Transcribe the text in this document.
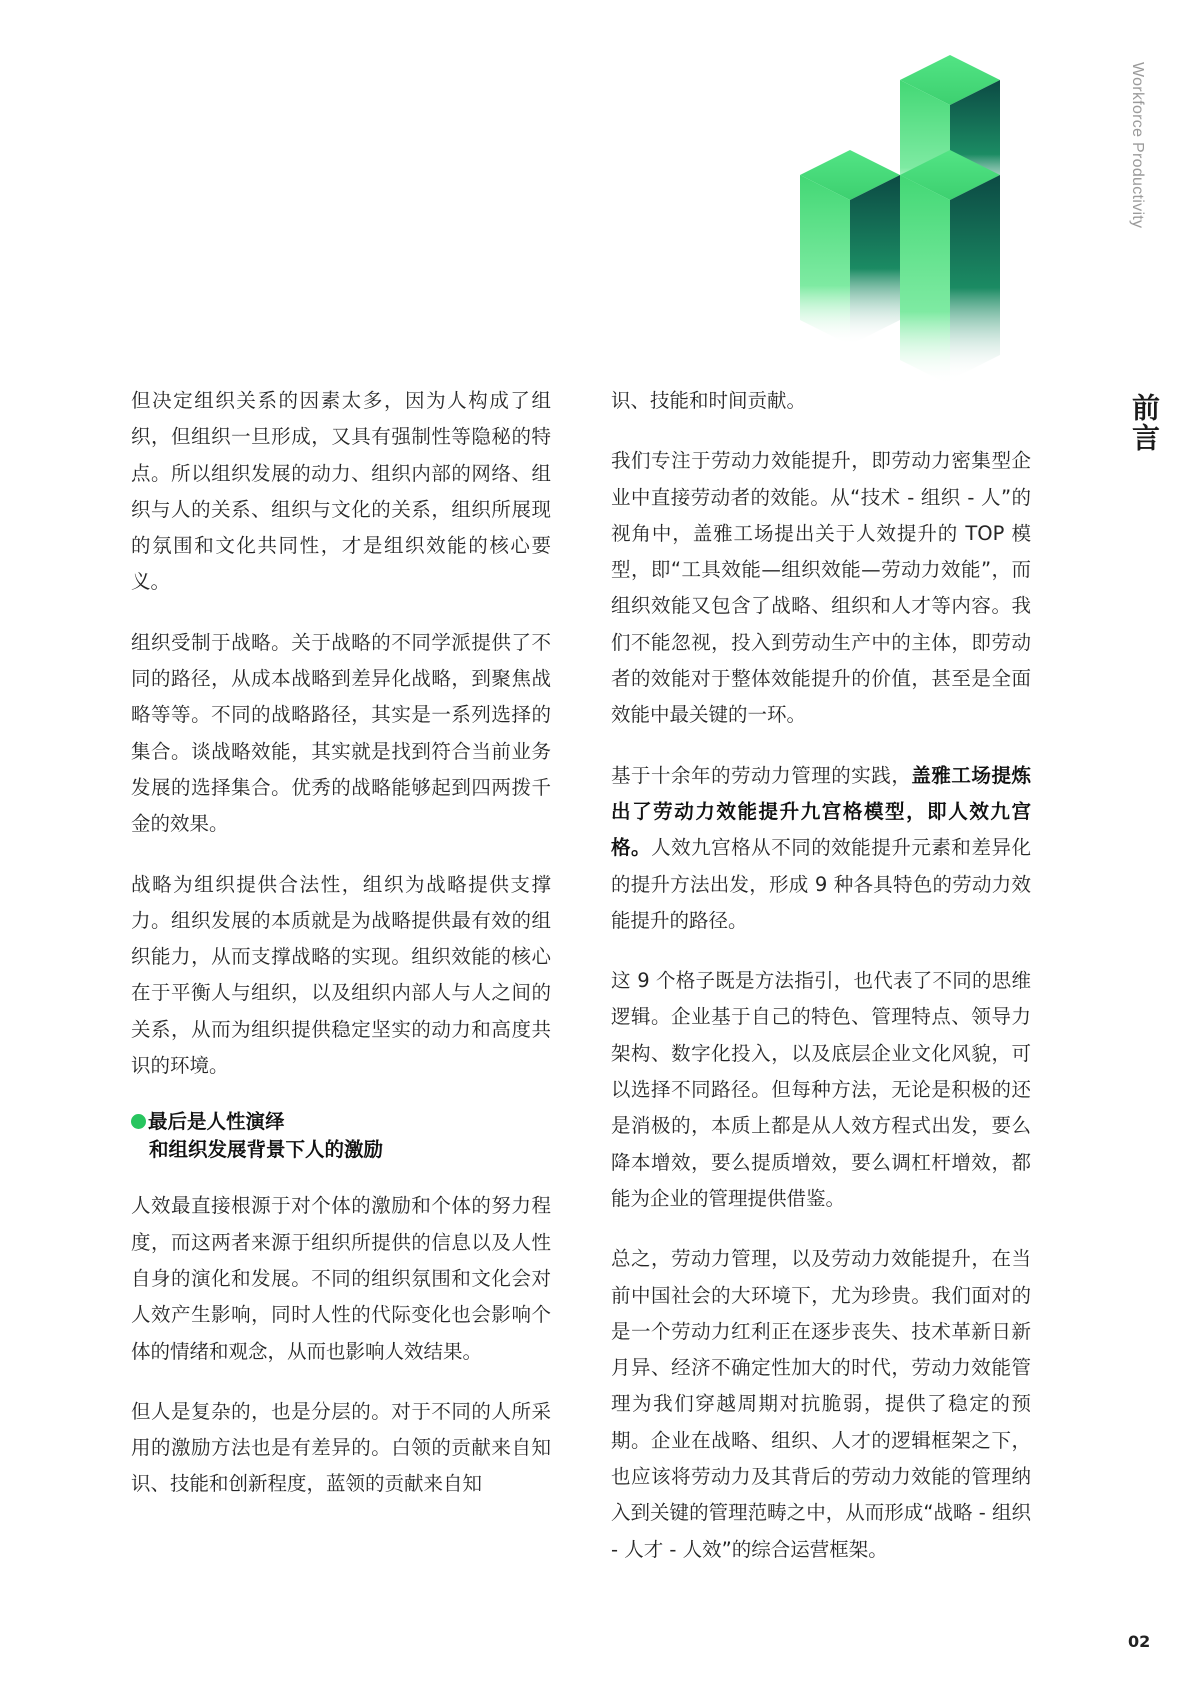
Workforce Productivity
前言

但决定组织关系的因素太多，因为人构成了组织，但组织一旦形成，又具有强制性等隐秘的特点。所以组织发展的动力、组织内部的网络、组织与人的关系、组织与文化的关系，组织所展现的氛围和文化共同性，才是组织效能的核心要义。

组织受制于战略。关于战略的不同学派提供了不同的路径，从成本战略到差异化战略，到聚焦战略等等。不同的战略路径，其实是一系列选择的集合。谈战略效能，其实就是找到符合当前业务发展的选择集合。优秀的战略能够起到四两拨千金的效果。

战略为组织提供合法性，组织为战略提供支撑力。组织发展的本质就是为战略提供最有效的组织能力，从而支撑战略的实现。组织效能的核心在于平衡人与组织，以及组织内部人与人之间的关系，从而为组织提供稳定坚实的动力和高度共识的环境。

最后是人性演绎
和组织发展背景下人的激励

人效最直接根源于对个体的激励和个体的努力程度，而这两者来源于组织所提供的信息以及人性自身的演化和发展。不同的组织氛围和文化会对人效产生影响，同时人性的代际变化也会影响个体的情绪和观念，从而也影响人效结果。

但人是复杂的，也是分层的。对于不同的人所采用的激励方法也是有差异的。白领的贡献来自知识、技能和创新程度，蓝领的贡献来自知

识、技能和时间贡献。

我们专注于劳动力效能提升，即劳动力密集型企业中直接劳动者的效能。从“技术 - 组织 - 人”的视角中，盖雅工场提出关于人效提升的 TOP 模型，即“工具效能—组织效能—劳动力效能”，而组织效能又包含了战略、组织和人才等内容。我们不能忽视，投入到劳动生产中的主体，即劳动者的效能对于整体效能提升的价值，甚至是全面效能中最关键的一环。

基于十余年的劳动力管理的实践，盖雅工场提炼出了劳动力效能提升九宫格模型，即人效九宫格。人效九宫格从不同的效能提升元素和差异化的提升方法出发，形成 9 种各具特色的劳动力效能提升的路径。

这 9 个格子既是方法指引，也代表了不同的思维逻辑。企业基于自己的特色、管理特点、领导力架构、数字化投入，以及底层企业文化风貌，可以选择不同路径。但每种方法，无论是积极的还是消极的，本质上都是从人效方程式出发，要么降本增效，要么提质增效，要么调杠杆增效，都能为企业的管理提供借鉴。

总之，劳动力管理，以及劳动力效能提升，在当前中国社会的大环境下，尤为珍贵。我们面对的是一个劳动力红利正在逐步丧失、技术革新日新月异、经济不确定性加大的时代，劳动力效能管理为我们穿越周期对抗脆弱，提供了稳定的预期。企业在战略、组织、人才的逻辑框架之下，也应该将劳动力及其背后的劳动力效能的管理纳入到关键的管理范畴之中，从而形成“战略 - 组织 - 人才 - 人效”的综合运营框架。

02
